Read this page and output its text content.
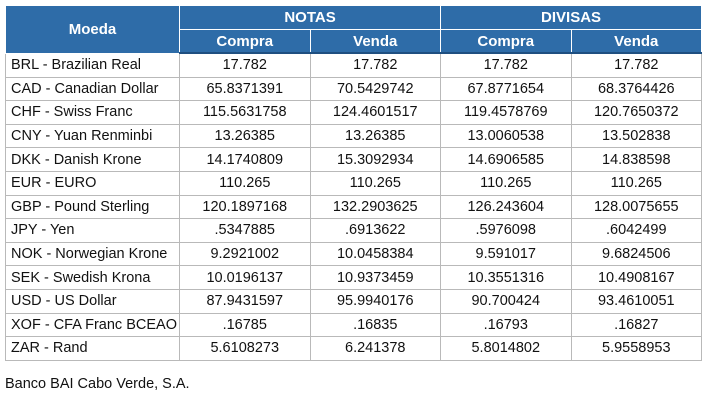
Moeda	NOTAS		DIVISAS	
	Compra	Venda	Compra	Venda
BRL - Brazilian Real	17.782	17.782	17.782	17.782
CAD - Canadian Dollar	65.8371391	70.5429742	67.8771654	68.3764426
CHF - Swiss Franc	115.5631758	124.4601517	119.4578769	120.7650372
CNY - Yuan Renminbi	13.26385	13.26385	13.0060538	13.502838
DKK - Danish Krone	14.1740809	15.3092934	14.6906585	14.838598
EUR - EURO	110.265	110.265	110.265	110.265
GBP - Pound Sterling	120.1897168	132.2903625	126.243604	128.0075655
JPY - Yen	.5347885	.6913622	.5976098	.6042499
NOK - Norwegian Krone	9.2921002	10.0458384	9.591017	9.6824506
SEK - Swedish Krona	10.0196137	10.9373459	10.3551316	10.4908167
USD - US Dollar	87.9431597	95.9940176	90.700424	93.4610051
XOF - CFA Franc BCEAO	.16785	.16835	.16793	.16827
ZAR - Rand	5.6108273	6.241378	5.8014802	5.9558953
Banco BAI Cabo Verde, S.A.
